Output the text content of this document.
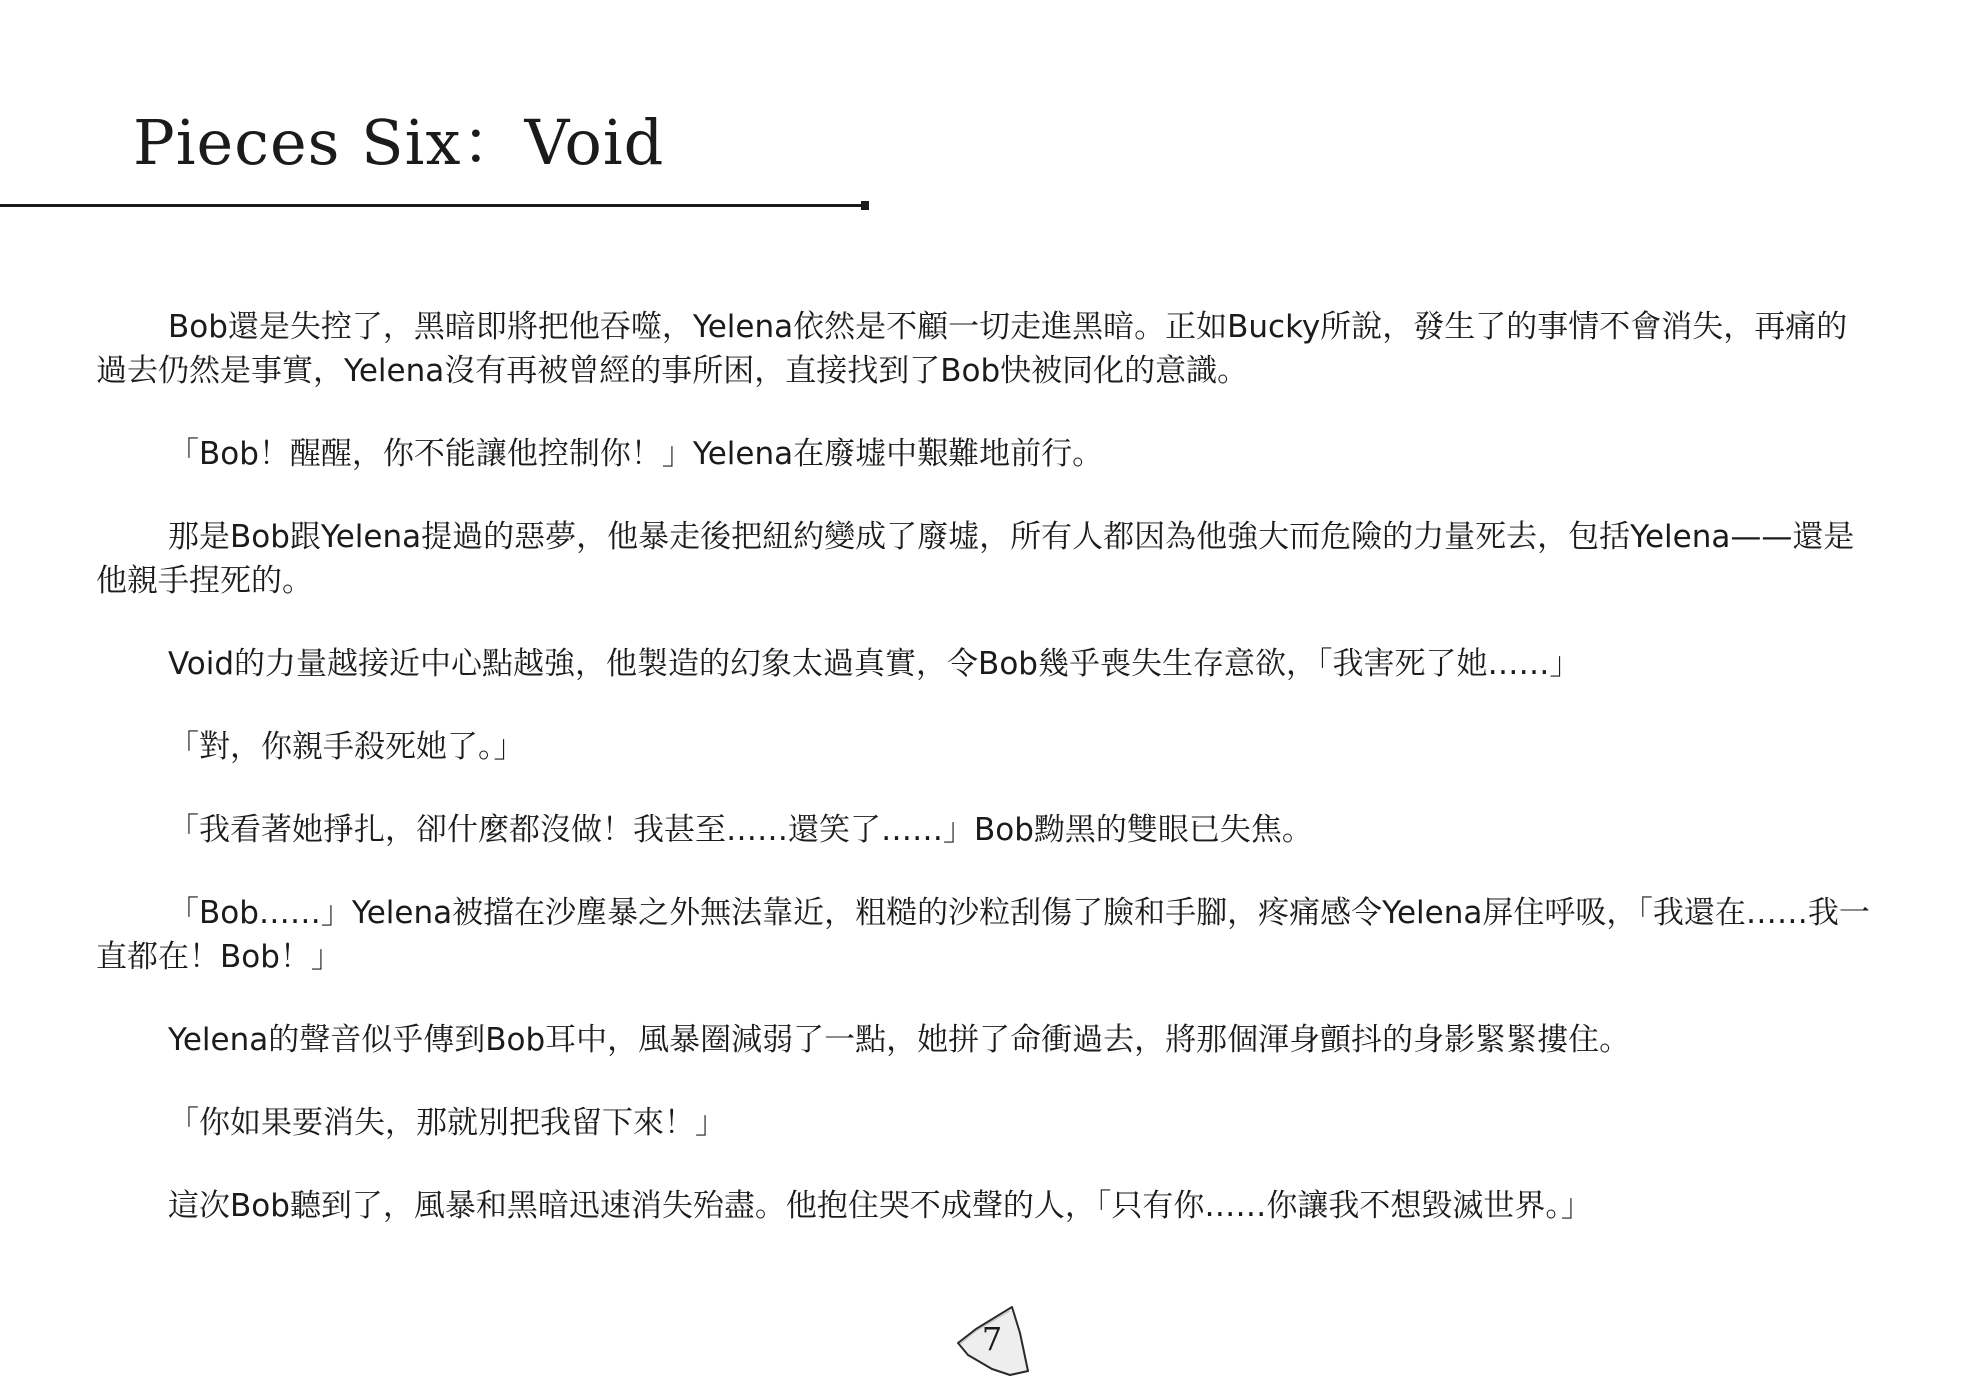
Pieces Six：Void

Bob還是失控了，黑暗即將把他吞噬，Yelena依然是不顧一切走進黑暗。正如Bucky所說，發生了的事情不會消失，再痛的過去仍然是事實，Yelena沒有再被曾經的事所困，直接找到了Bob快被同化的意識。

「Bob！醒醒，你不能讓他控制你！」Yelena在廢墟中艱難地前行。

那是Bob跟Yelena提過的惡夢，他暴走後把紐約變成了廢墟，所有人都因為他強大而危險的力量死去，包括Yelena——還是他親手捏死的。

Void的力量越接近中心點越強，他製造的幻象太過真實，令Bob幾乎喪失生存意欲，「我害死了她……」

「對，你親手殺死她了。」

「我看著她掙扎，卻什麼都沒做！我甚至……還笑了……」Bob黝黑的雙眼已失焦。

「Bob……」Yelena被擋在沙塵暴之外無法靠近，粗糙的沙粒刮傷了臉和手腳，疼痛感令Yelena屏住呼吸，「我還在……我一直都在！Bob！」

Yelena的聲音似乎傳到Bob耳中，風暴圈減弱了一點，她拼了命衝過去，將那個渾身顫抖的身影緊緊摟住。

「你如果要消失，那就別把我留下來！」

這次Bob聽到了，風暴和黑暗迅速消失殆盡。他抱住哭不成聲的人，「只有你……你讓我不想毀滅世界。」

7
